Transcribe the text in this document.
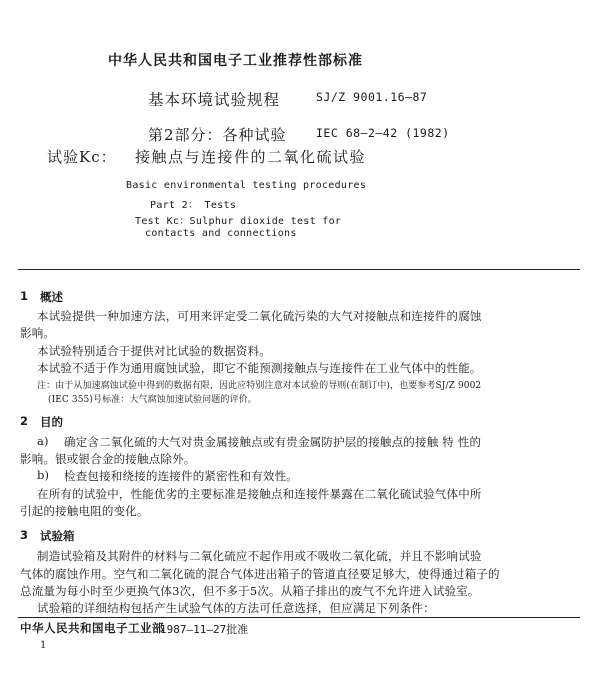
中华人民共和国电子工业推荐性部标准
基本环境试验规程	SJ/Z 9001.16—87
第2部分：各种试验	IEC 68—2—42 (1982)
试验Kc： 接触点与连接件的二氧化硫试验
Basic environmental testing procedures
Part 2： Tests
Test Kc：Sulphur dioxide test for
contacts and connections
1 概述
本试验提供一种加速方法，可用来评定受二氧化硫污染的大气对接触点和连接件的腐蚀
影响。
本试验特别适合于提供对比试验的数据资料。
本试验不适于作为通用腐蚀试验，即它不能预测接触点与连接件在工业气体中的性能。
注：由于从加速腐蚀试验中得到的数据有限，因此应特别注意对本试验的导则(在制订中)，也要参考SJ/Z 9002
(IEC 355)号标准：大气腐蚀加速试验问题的评价。
2 目的
a) 确定含二氧化硫的大气对贵金属接触点或有贵金属防护层的接触点的接触 特 性的
影响。银或银合金的接触点除外。
b) 检查包接和绕接的连接件的紧密性和有效性。
在所有的试验中，性能优劣的主要标准是接触点和连接件暴露在二氧化硫试验气体中所
引起的接触电阻的变化。
3 试验箱
制造试验箱及其附件的材料与二氧化硫应不起作用或不吸收二氧化硫，并且不影响试验
气体的腐蚀作用。空气和二氧化硫的混合气体进出箱子的管道直径要足够大，使得通过箱子的
总流量为每小时至少更换气体3次，但不多于5次。从箱子排出的废气不允许进入试验室。
试验箱的详细结构包括产生试验气体的方法可任意选择，但应满足下列条件：
中华人民共和国电子工业部
1987—11—27批准
1
